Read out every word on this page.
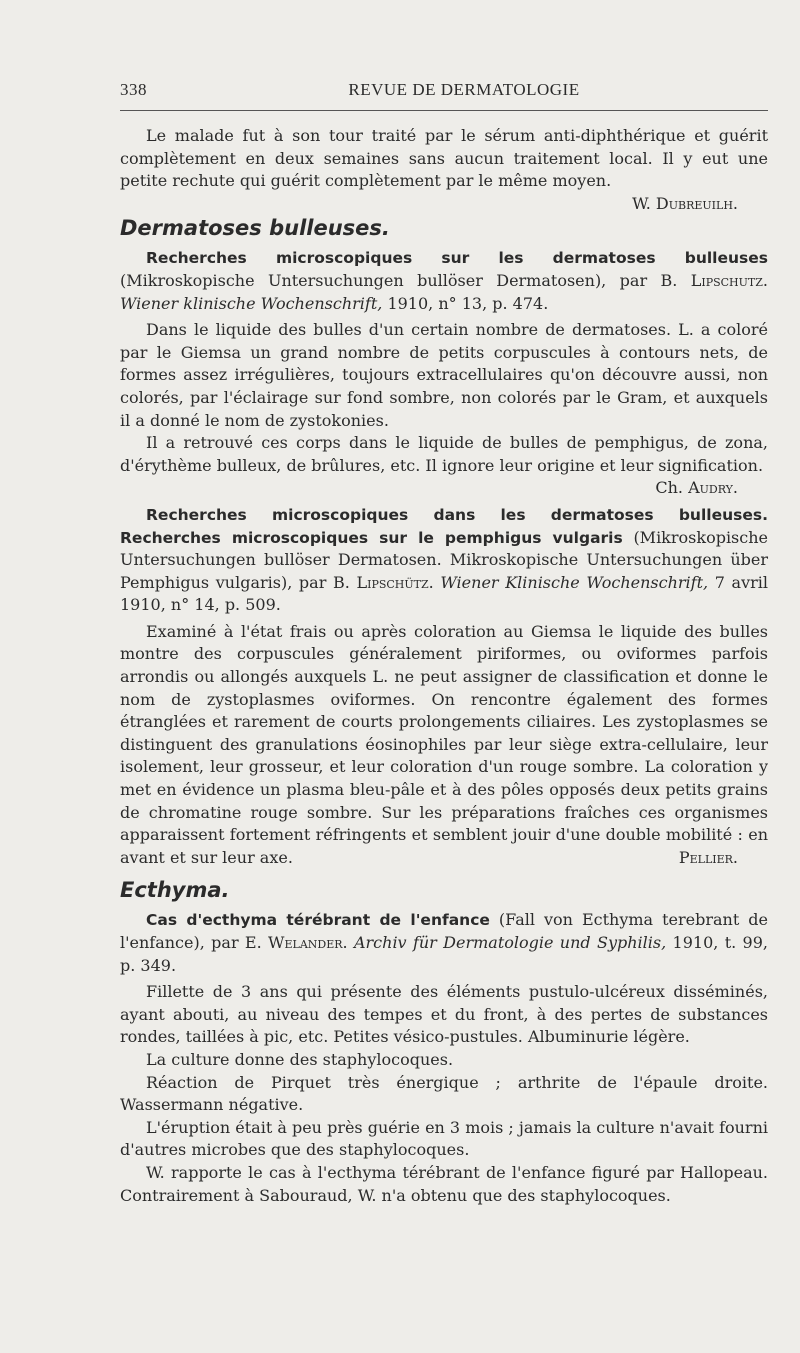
338	REVUE DE DERMATOLOGIE

Le malade fut à son tour traité par le sérum anti-diphthérique et guérit complètement en deux semaines sans aucun traitement local. Il y eut une petite rechute qui guérit complètement par le même moyen.

W. Dubreuilh.

Dermatoses bulleuses.

Recherches microscopiques sur les dermatoses bulleuses (Mikroskopische Untersuchungen bullöser Dermatosen), par B. Lipschutz. Wiener klinische Wochenschrift, 1910, n° 13, p. 474.

Dans le liquide des bulles d'un certain nombre de dermatoses. L. a coloré par le Giemsa un grand nombre de petits corpuscules à contours nets, de formes assez irrégulières, toujours extracellulaires qu'on découvre aussi, non colorés, par l'éclairage sur fond sombre, non colorés par le Gram, et auxquels il a donné le nom de zystokonies.

Il a retrouvé ces corps dans le liquide de bulles de pemphigus, de zona, d'érythème bulleux, de brûlures, etc. Il ignore leur origine et leur signification.
Ch. Audry.

Recherches microscopiques dans les dermatoses bulleuses. Recherches microscopiques sur le pemphigus vulgaris (Mikroskopische Untersuchungen bullöser Dermatosen. Mikroskopische Untersuchungen über Pemphigus vulgaris), par B. Lipschütz. Wiener Klinische Wochenschrift, 7 avril 1910, n° 14, p. 509.

Examiné à l'état frais ou après coloration au Giemsa le liquide des bulles montre des corpuscules généralement piriformes, ou oviformes parfois arrondis ou allongés auxquels L. ne peut assigner de classification et donne le nom de zystoplasmes oviformes. On rencontre également des formes étranglées et rarement de courts prolongements ciliaires. Les zystoplasmes se distinguent des granulations éosinophiles par leur siège extra-cellulaire, leur isolement, leur grosseur, et leur coloration d'un rouge sombre. La coloration y met en évidence un plasma bleu-pâle et à des pôles opposés deux petits grains de chromatine rouge sombre. Sur les préparations fraîches ces organismes apparaissent fortement réfringents et semblent jouir d'une double mobilité : en avant et sur leur axe.	Pellier.

Ecthyma.

Cas d'ecthyma térébrant de l'enfance (Fall von Ecthyma terebrant de l'enfance), par E. Welander. Archiv für Dermatologie und Syphilis, 1910, t. 99, p. 349.

Fillette de 3 ans qui présente des éléments pustulo-ulcéreux disséminés, ayant abouti, au niveau des tempes et du front, à des pertes de substances rondes, taillées à pic, etc. Petites vésico-pustules. Albuminurie légère.

La culture donne des staphylocoques.

Réaction de Pirquet très énergique ; arthrite de l'épaule droite. Wassermann négative.

L'éruption était à peu près guérie en 3 mois ; jamais la culture n'avait fourni d'autres microbes que des staphylocoques.

W. rapporte le cas à l'ecthyma térébrant de l'enfance figuré par Hallopeau. Contrairement à Sabouraud, W. n'a obtenu que des staphylocoques.
